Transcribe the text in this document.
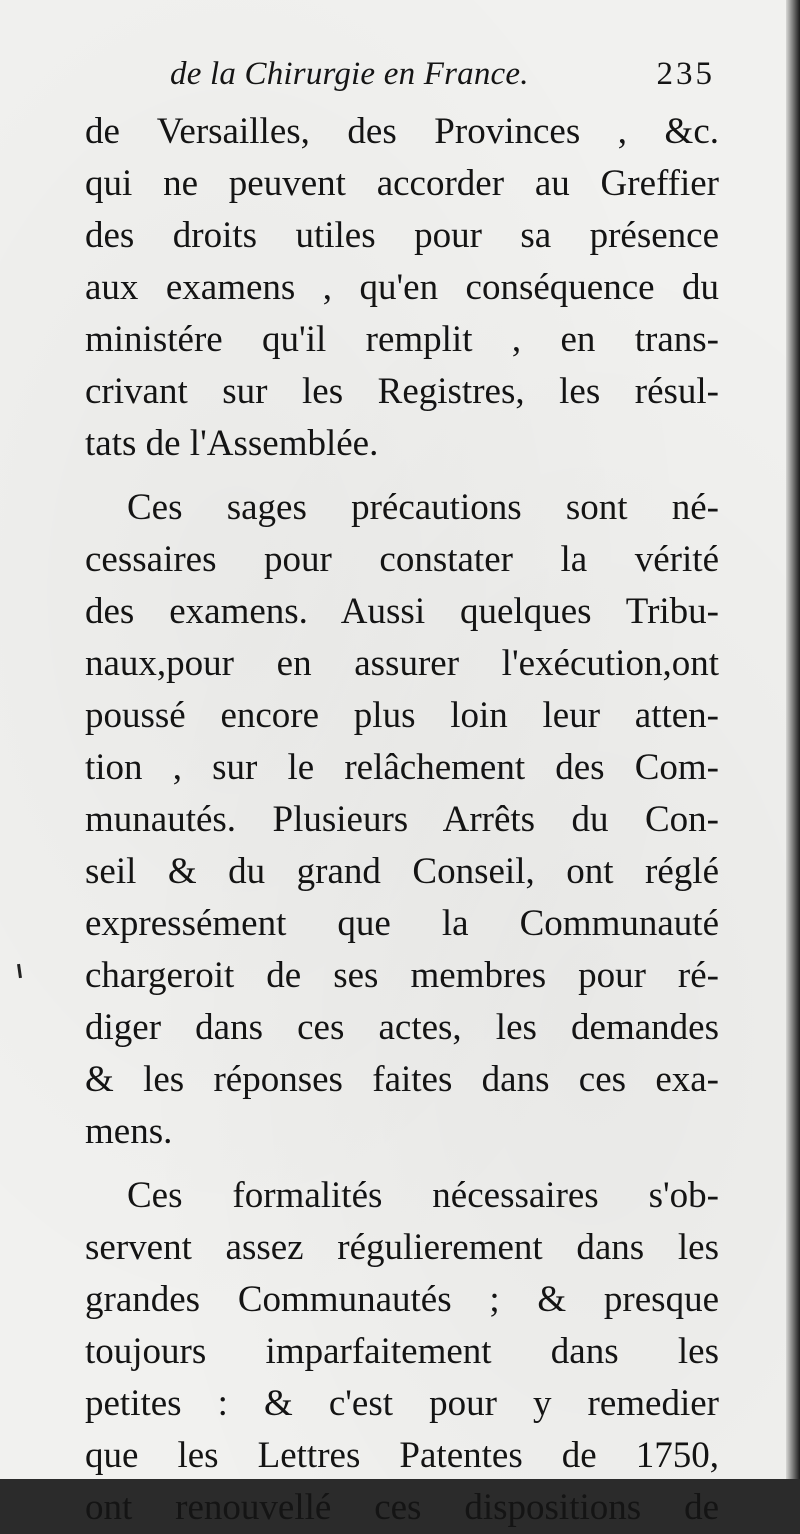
de la Chirurgie en France.	235
de Versailles, des Provinces , &c.
qui ne peuvent accorder au Greffier
des droits utiles pour sa présence
aux examens , qu'en conséquence du
ministére qu'il remplit , en trans-
crivant sur les Registres, les résul-
tats de l'Assemblée.
Ces sages précautions sont né-
cessaires pour constater la vérité
des examens. Aussi quelques Tribu-
naux,pour en assurer l'exécution,ont
poussé encore plus loin leur atten-
tion , sur le relâchement des Com-
munautés. Plusieurs Arrêts du Con-
seil & du grand Conseil, ont réglé
expressément que la Communauté
chargeroit de ses membres pour ré-
diger dans ces actes, les demandes
& les réponses faites dans ces exa-
mens.
Ces formalités nécessaires s'ob-
servent assez régulierement dans les
grandes Communautés ; & presque
toujours imparfaitement dans les
petites : & c'est pour y remedier
que les Lettres Patentes de 1750,
ont renouvellé ces dispositions de
